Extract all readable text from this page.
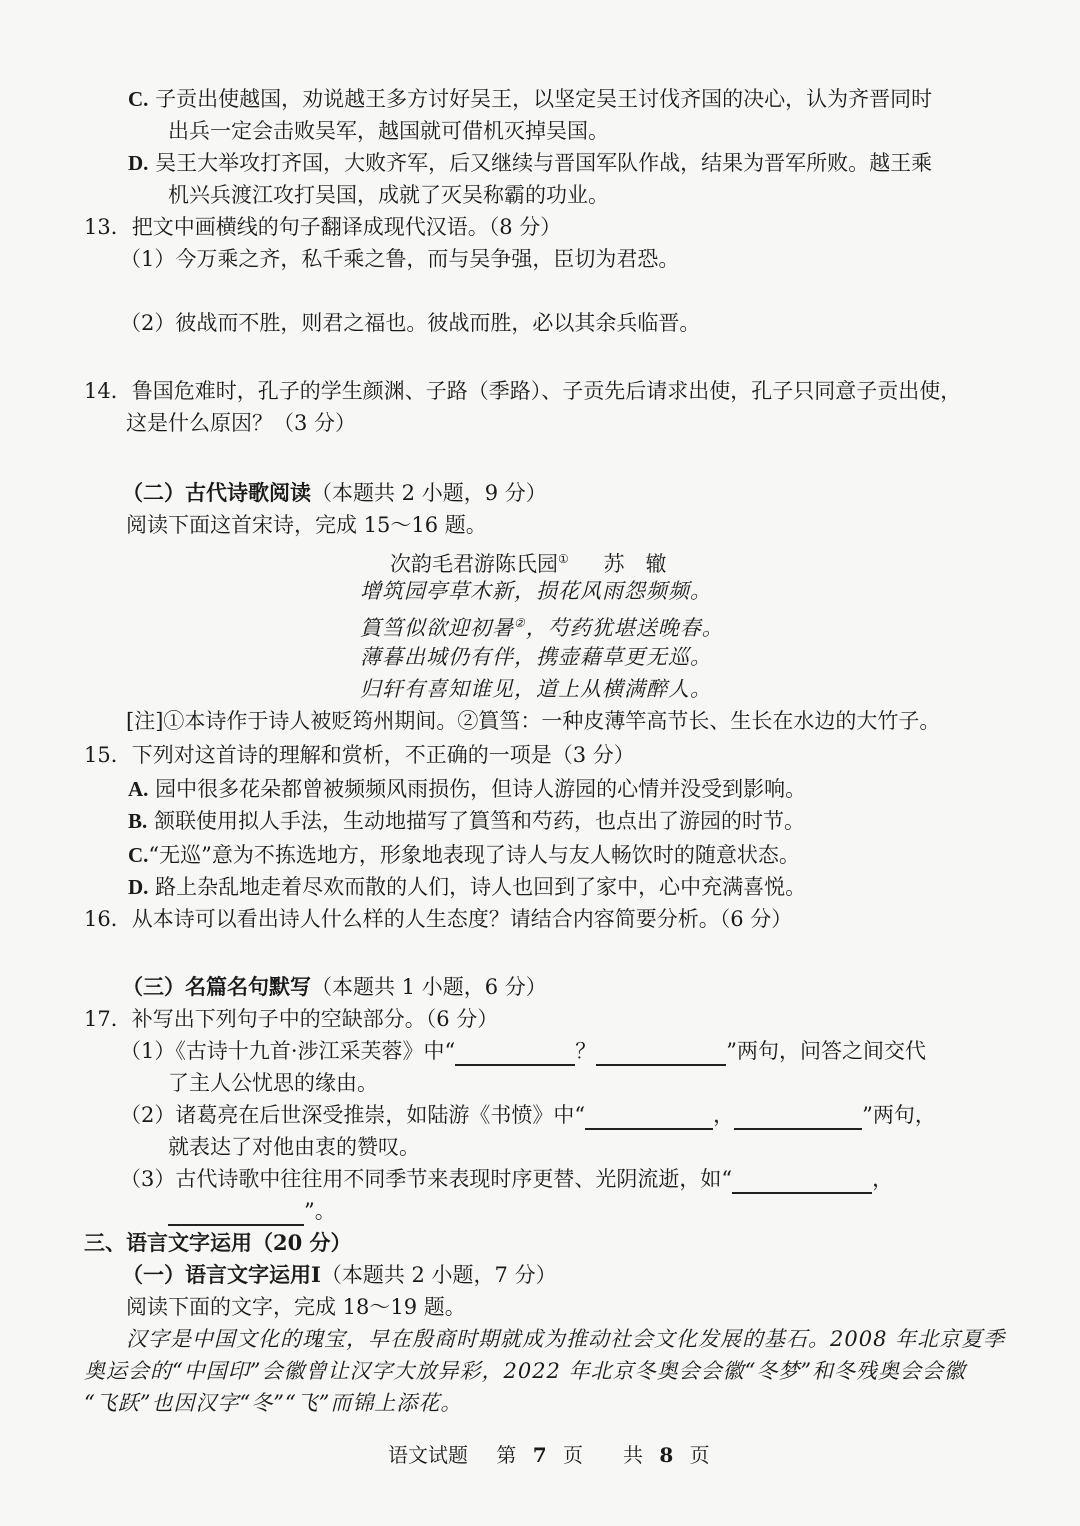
C. 子贡出使越国，劝说越王多方讨好吴王，以坚定吴王讨伐齐国的决心，认为齐晋同时
出兵一定会击败吴军，越国就可借机灭掉吴国。
D. 吴王大举攻打齐国，大败齐军，后又继续与晋国军队作战，结果为晋军所败。越王乘
机兴兵渡江攻打吴国，成就了灭吴称霸的功业。
13．把文中画横线的句子翻译成现代汉语。（8 分）
（1）今万乘之齐，私千乘之鲁，而与吴争强，臣切为君恐。
（2）彼战而不胜，则君之福也。彼战而胜，必以其余兵临晋。
14．鲁国危难时，孔子的学生颜渊、子路（季路）、子贡先后请求出使，孔子只同意子贡出使，
这是什么原因？（3 分）
（二）古代诗歌阅读（本题共 2 小题，9 分）
阅读下面这首宋诗，完成 15～16 题。
次韵毛君游陈氏园① 苏　辙
增筑园亭草木新，损花风雨怨频频。
篔筜似欲迎初暑②，芍药犹堪送晚春。
薄暮出城仍有伴，携壶藉草更无巡。
归轩有喜知谁见，道上从横满醉人。
[注]①本诗作于诗人被贬筠州期间。②篔筜：一种皮薄竿高节长、生长在水边的大竹子。
15．下列对这首诗的理解和赏析，不正确的一项是（3 分）
A. 园中很多花朵都曾被频频风雨损伤，但诗人游园的心情并没受到影响。
B. 颔联使用拟人手法，生动地描写了篔筜和芍药，也点出了游园的时节。
C.“无巡”意为不拣选地方，形象地表现了诗人与友人畅饮时的随意状态。
D. 路上杂乱地走着尽欢而散的人们，诗人也回到了家中，心中充满喜悦。
16．从本诗可以看出诗人什么样的人生态度？请结合内容简要分析。（6 分）
（三）名篇名句默写（本题共 1 小题，6 分）
17．补写出下列句子中的空缺部分。（6 分）
（1）《古诗十九首·涉江采芙蓉》中“	？	”两句，问答之间交代
了主人公忧思的缘由。
（2）诸葛亮在后世深受推崇，如陆游《书愤》中“	，	”两句，
就表达了对他由衷的赞叹。
（3）古代诗歌中往往用不同季节来表现时序更替、光阴流逝，如“	，
”。
三、语言文字运用（20 分）
（一）语言文字运用Ⅰ（本题共 2 小题，7 分）
阅读下面的文字，完成 18～19 题。
汉字是中国文化的瑰宝，早在殷商时期就成为推动社会文化发展的基石。2008 年北京夏季
奥运会的“中国印”会徽曾让汉字大放异彩，2022 年北京冬奥会会徽“冬梦”和冬残奥会会徽
“飞跃”也因汉字“冬”“飞”而锦上添花。
语文试题 第 7 页　　共 8 页
